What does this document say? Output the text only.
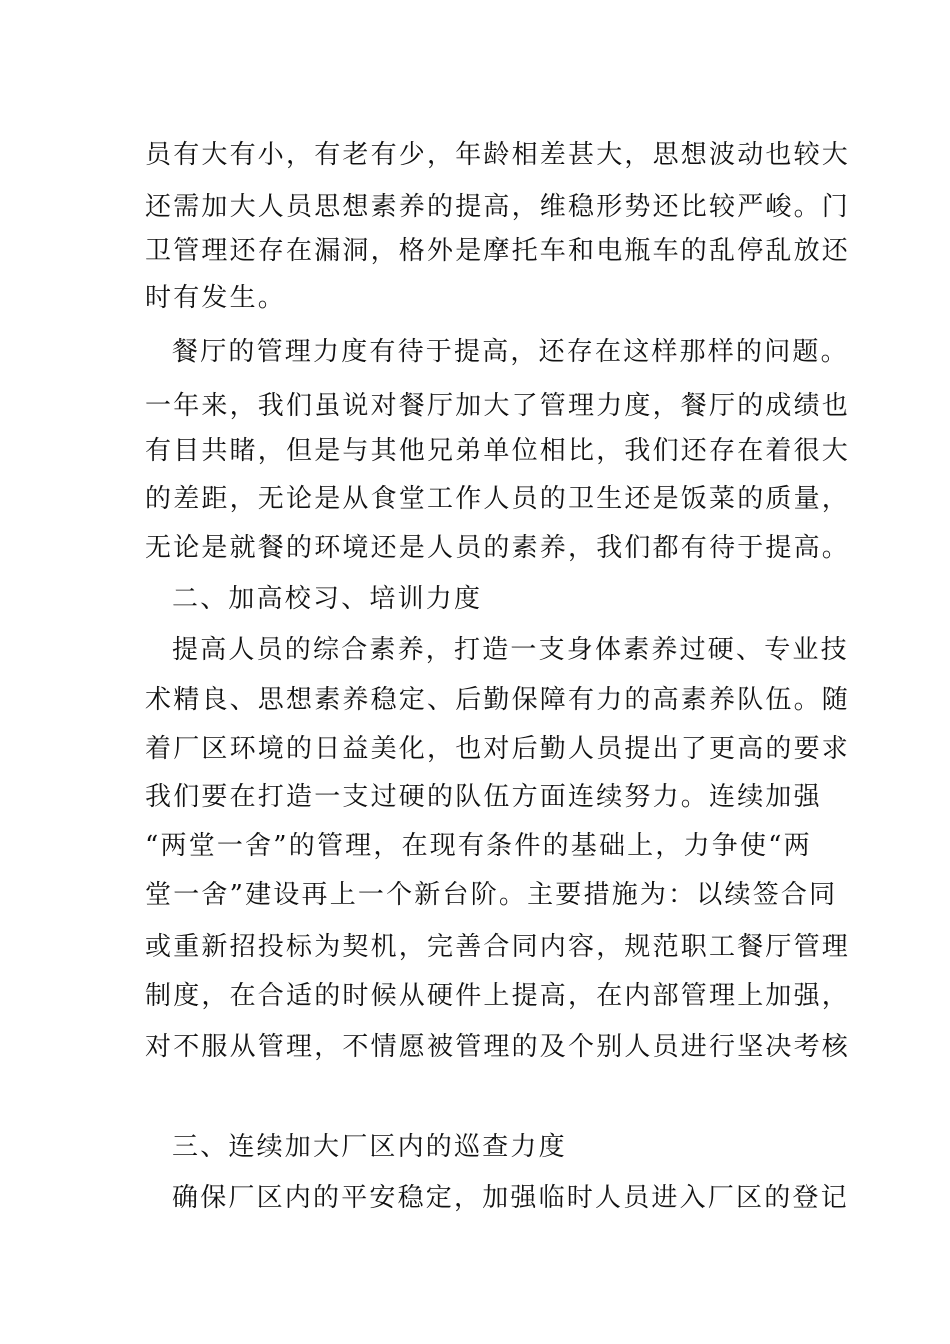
员有大有小，有老有少，年龄相差甚大，思想波动也较大
还需加大人员思想素养的提高，维稳形势还比较严峻。门
卫管理还存在漏洞，格外是摩托车和电瓶车的乱停乱放还
时有发生。
餐厅的管理力度有待于提高，还存在这样那样的问题。
一年来，我们虽说对餐厅加大了管理力度，餐厅的成绩也
有目共睹，但是与其他兄弟单位相比，我们还存在着很大
的差距，无论是从食堂工作人员的卫生还是饭菜的质量，
无论是就餐的环境还是人员的素养，我们都有待于提高。
二、加高校习、培训力度
提高人员的综合素养，打造一支身体素养过硬、专业技
术精良、思想素养稳定、后勤保障有力的高素养队伍。随
着厂区环境的日益美化，也对后勤人员提出了更高的要求
我们要在打造一支过硬的队伍方面连续努力。连续加强
“两堂一舍”的管理，在现有条件的基础上，力争使“两
堂一舍”建设再上一个新台阶。主要措施为：以续签合同
或重新招投标为契机，完善合同内容，规范职工餐厅管理
制度，在合适的时候从硬件上提高，在内部管理上加强，
对不服从管理，不情愿被管理的及个别人员进行坚决考核
三、连续加大厂区内的巡查力度
确保厂区内的平安稳定，加强临时人员进入厂区的登记
